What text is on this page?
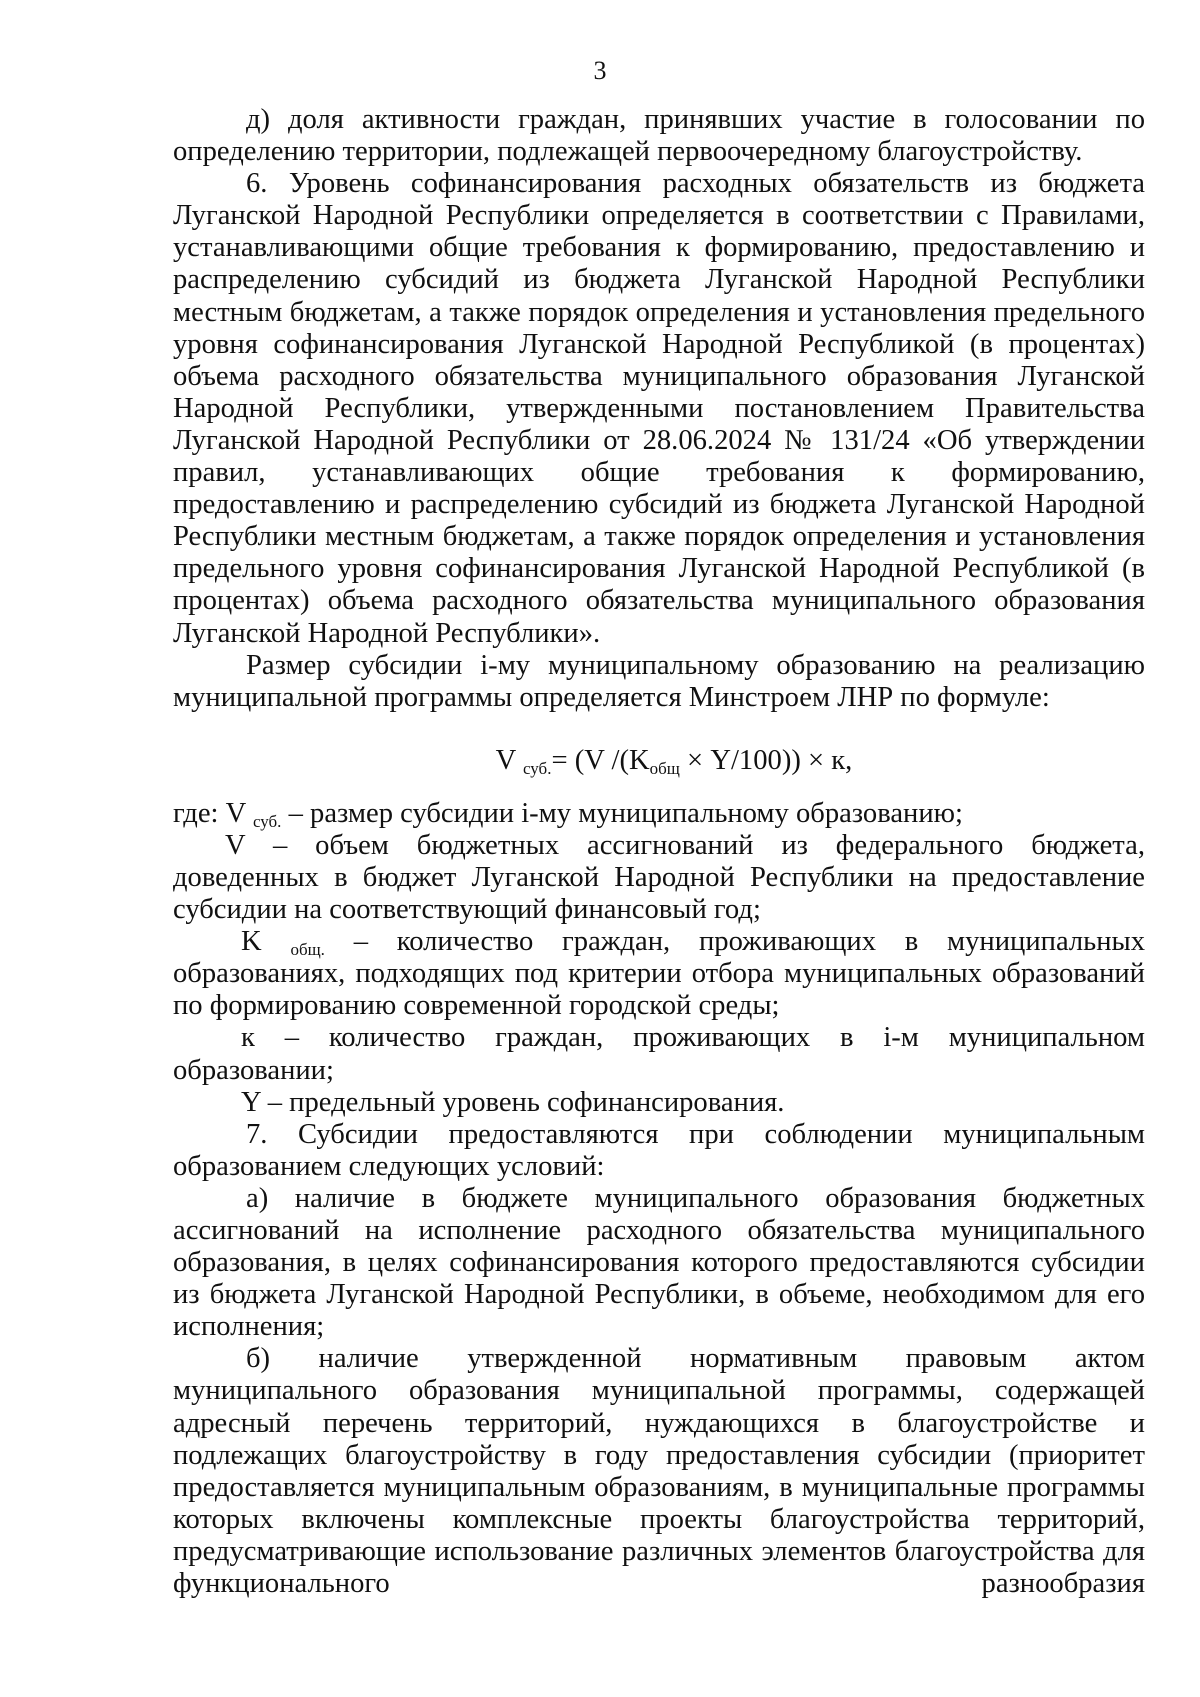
3

д) доля активности граждан, принявших участие в голосовании по определению территории, подлежащей первоочередному благоустройству.

6. Уровень софинансирования расходных обязательств из бюджета Луганской Народной Республики определяется в соответствии с Правилами, устанавливающими общие требования к формированию, предоставлению и распределению субсидий из бюджета Луганской Народной Республики местным бюджетам, а также порядок определения и установления предельного уровня софинансирования Луганской Народной Республикой (в процентах) объема расходного обязательства муниципального образования Луганской Народной Республики, утвержденными постановлением Правительства Луганской Народной Республики от 28.06.2024 № 131/24 «Об утверждении правил, устанавливающих общие требования к формированию, предоставлению и распределению субсидий из бюджета Луганской Народной Республики местным бюджетам, а также порядок определения и установления предельного уровня софинансирования Луганской Народной Республикой (в процентах) объема расходного обязательства муниципального образования Луганской Народной Республики».

Размер субсидии i-му муниципальному образованию на реализацию муниципальной программы определяется Минстроем ЛНР по формуле:

V $_{суб.}$= (V $/(K_{общ} \times Y/100)) \times к$,

где: V $_{суб.}$ – размер субсидии i-му муниципальному образованию;

V – объем бюджетных ассигнований из федерального бюджета, доведенных в бюджет Луганской Народной Республики на предоставление субсидии на соответствующий финансовый год;

K $_{общ.}$ – количество граждан, проживающих в муниципальных образованиях, подходящих под критерии отбора муниципальных образований по формированию современной городской среды;

к – количество граждан, проживающих в i-м муниципальном образовании;

Y – предельный уровень софинансирования.

7. Субсидии предоставляются при соблюдении муниципальным образованием следующих условий:

а) наличие в бюджете муниципального образования бюджетных ассигнований на исполнение расходного обязательства муниципального образования, в целях софинансирования которого предоставляются субсидии из бюджета Луганской Народной Республики, в объеме, необходимом для его исполнения;

б) наличие утвержденной нормативным правовым актом муниципального образования муниципальной программы, содержащей адресный перечень территорий, нуждающихся в благоустройстве и подлежащих благоустройству в году предоставления субсидии (приоритет предоставляется муниципальным образованиям, в муниципальные программы которых включены комплексные проекты благоустройства территорий, предусматривающие использование различных элементов благоустройства для функционального разнообразия
